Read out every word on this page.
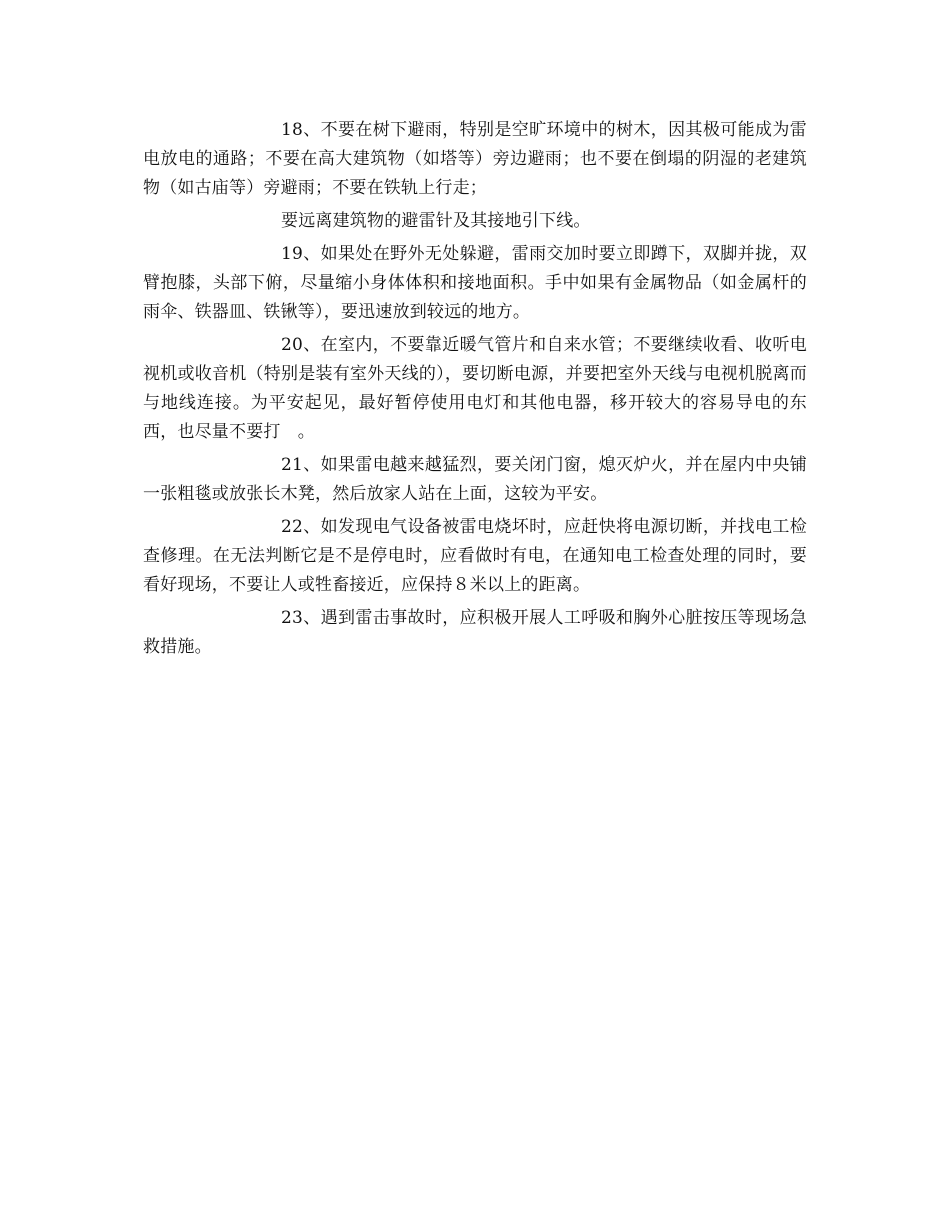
18、不要在树下避雨，特别是空旷环境中的树木，因其极可能成为雷电放电的通路；不要在高大建筑物（如塔等）旁边避雨；也不要在倒塌的阴湿的老建筑物（如古庙等）旁避雨；不要在铁轨上行走；

要远离建筑物的避雷针及其接地引下线。

19、如果处在野外无处躲避，雷雨交加时要立即蹲下，双脚并拢，双臂抱膝，头部下俯，尽量缩小身体体积和接地面积。手中如果有金属物品（如金属杆的雨伞、铁器皿、铁锹等），要迅速放到较远的地方。

20、在室内，不要靠近暖气管片和自来水管；不要继续收看、收听电视机或收音机（特别是装有室外天线的），要切断电源，并要把室外天线与电视机脱离而与地线连接。为平安起见，最好暂停使用电灯和其他电器，移开较大的容易导电的东西，也尽量不要打　。

21、如果雷电越来越猛烈，要关闭门窗，熄灭炉火，并在屋内中央铺一张粗毯或放张长木凳，然后放家人站在上面，这较为平安。

22、如发现电气设备被雷电烧坏时，应赶快将电源切断，并找电工检查修理。在无法判断它是不是停电时，应看做时有电，在通知电工检查处理的同时，要看好现场，不要让人或牲畜接近，应保持８米以上的距离。

23、遇到雷击事故时，应积极开展人工呼吸和胸外心脏按压等现场急救措施。
